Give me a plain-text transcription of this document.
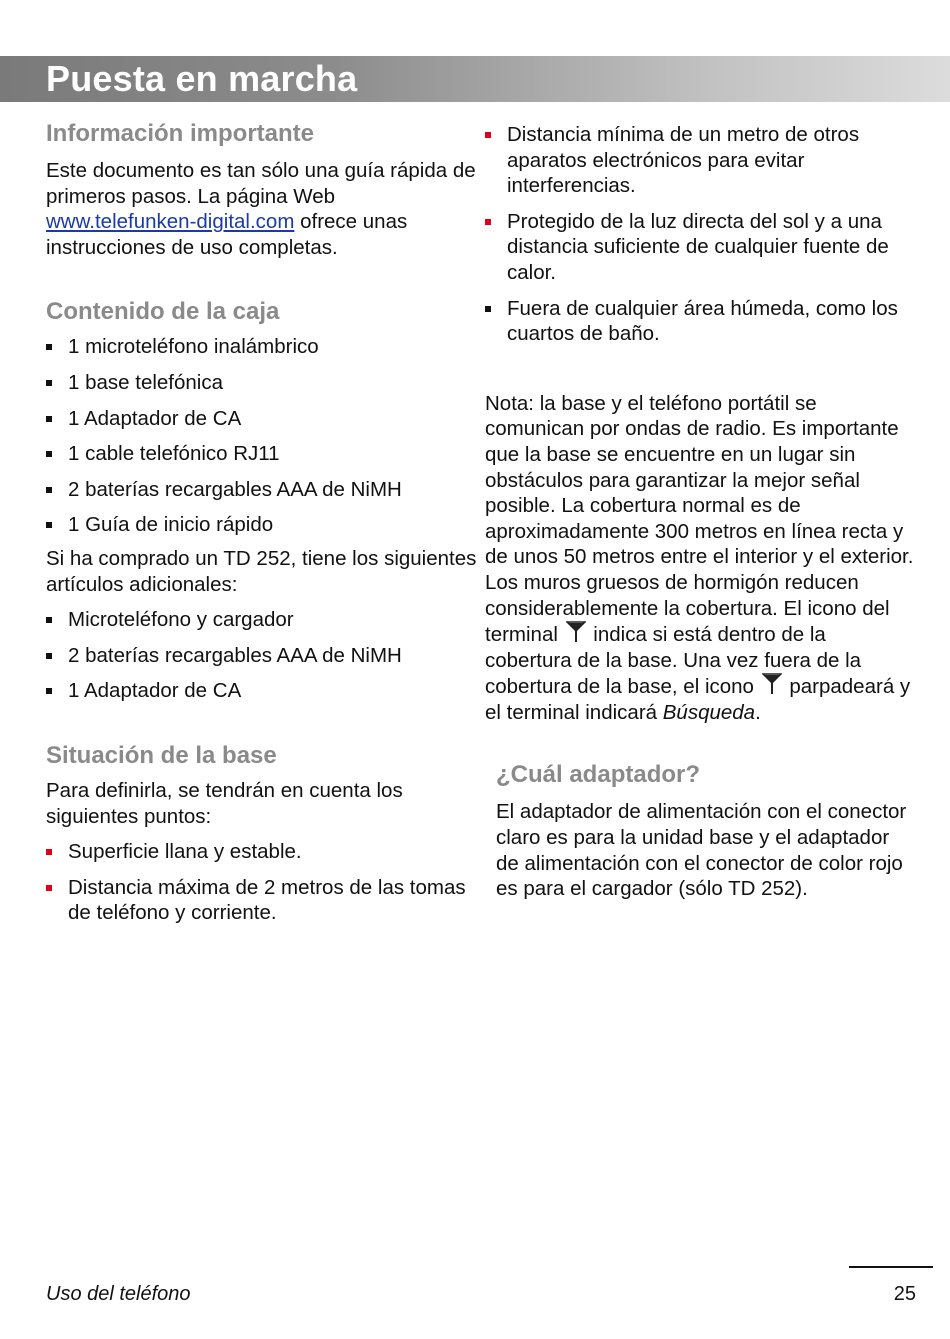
Puesta en marcha
Información importante

Este documento es tan sólo una guía rápida de primeros pasos. La página Web www.telefunken-digital.com ofrece unas instrucciones de uso completas.

Contenido de la caja
1 microteléfono inalámbrico
1 base telefónica
1 Adaptador de CA
1 cable telefónico RJ11
2 baterías recargables AAA de NiMH
1 Guía de inicio rápido

Si ha comprado un TD 252, tiene los siguientes artículos adicionales:

Microteléfono y cargador
2 baterías recargables AAA de NiMH
1 Adaptador de CA
Situación de la base

Para definirla, se tendrán en cuenta los siguientes puntos:

Superficie llana y estable.
Distancia máxima de 2 metros de las tomas de teléfono y corriente.
Distancia mínima de un metro de otros aparatos electrónicos para evitar interferencias.
Protegido de la luz directa del sol y a una distancia suficiente de cualquier fuente de calor.
Fuera de cualquier área húmeda, como los cuartos de baño.

Nota: la base y el teléfono portátil se comunican por ondas de radio. Es importante que la base se encuentre en un lugar sin obstáculos para garantizar la mejor señal posible. La cobertura normal es de aproximadamente 300 metros en línea recta y de unos 50 metros entre el interior y el exterior. Los muros gruesos de hormigón reducen considerablemente la cobertura. El icono del terminal
indica si está dentro de la cobertura de la base. Una vez fuera de la cobertura de la base, el icono
parpadeará y el terminal indicará Búsqueda.

¿Cuál adaptador?

El adaptador de alimentación con el conector claro es para la unidad base y el adaptador de alimentación con el conector de color rojo es para el cargador (sólo TD 252).

Uso del teléfono	25
